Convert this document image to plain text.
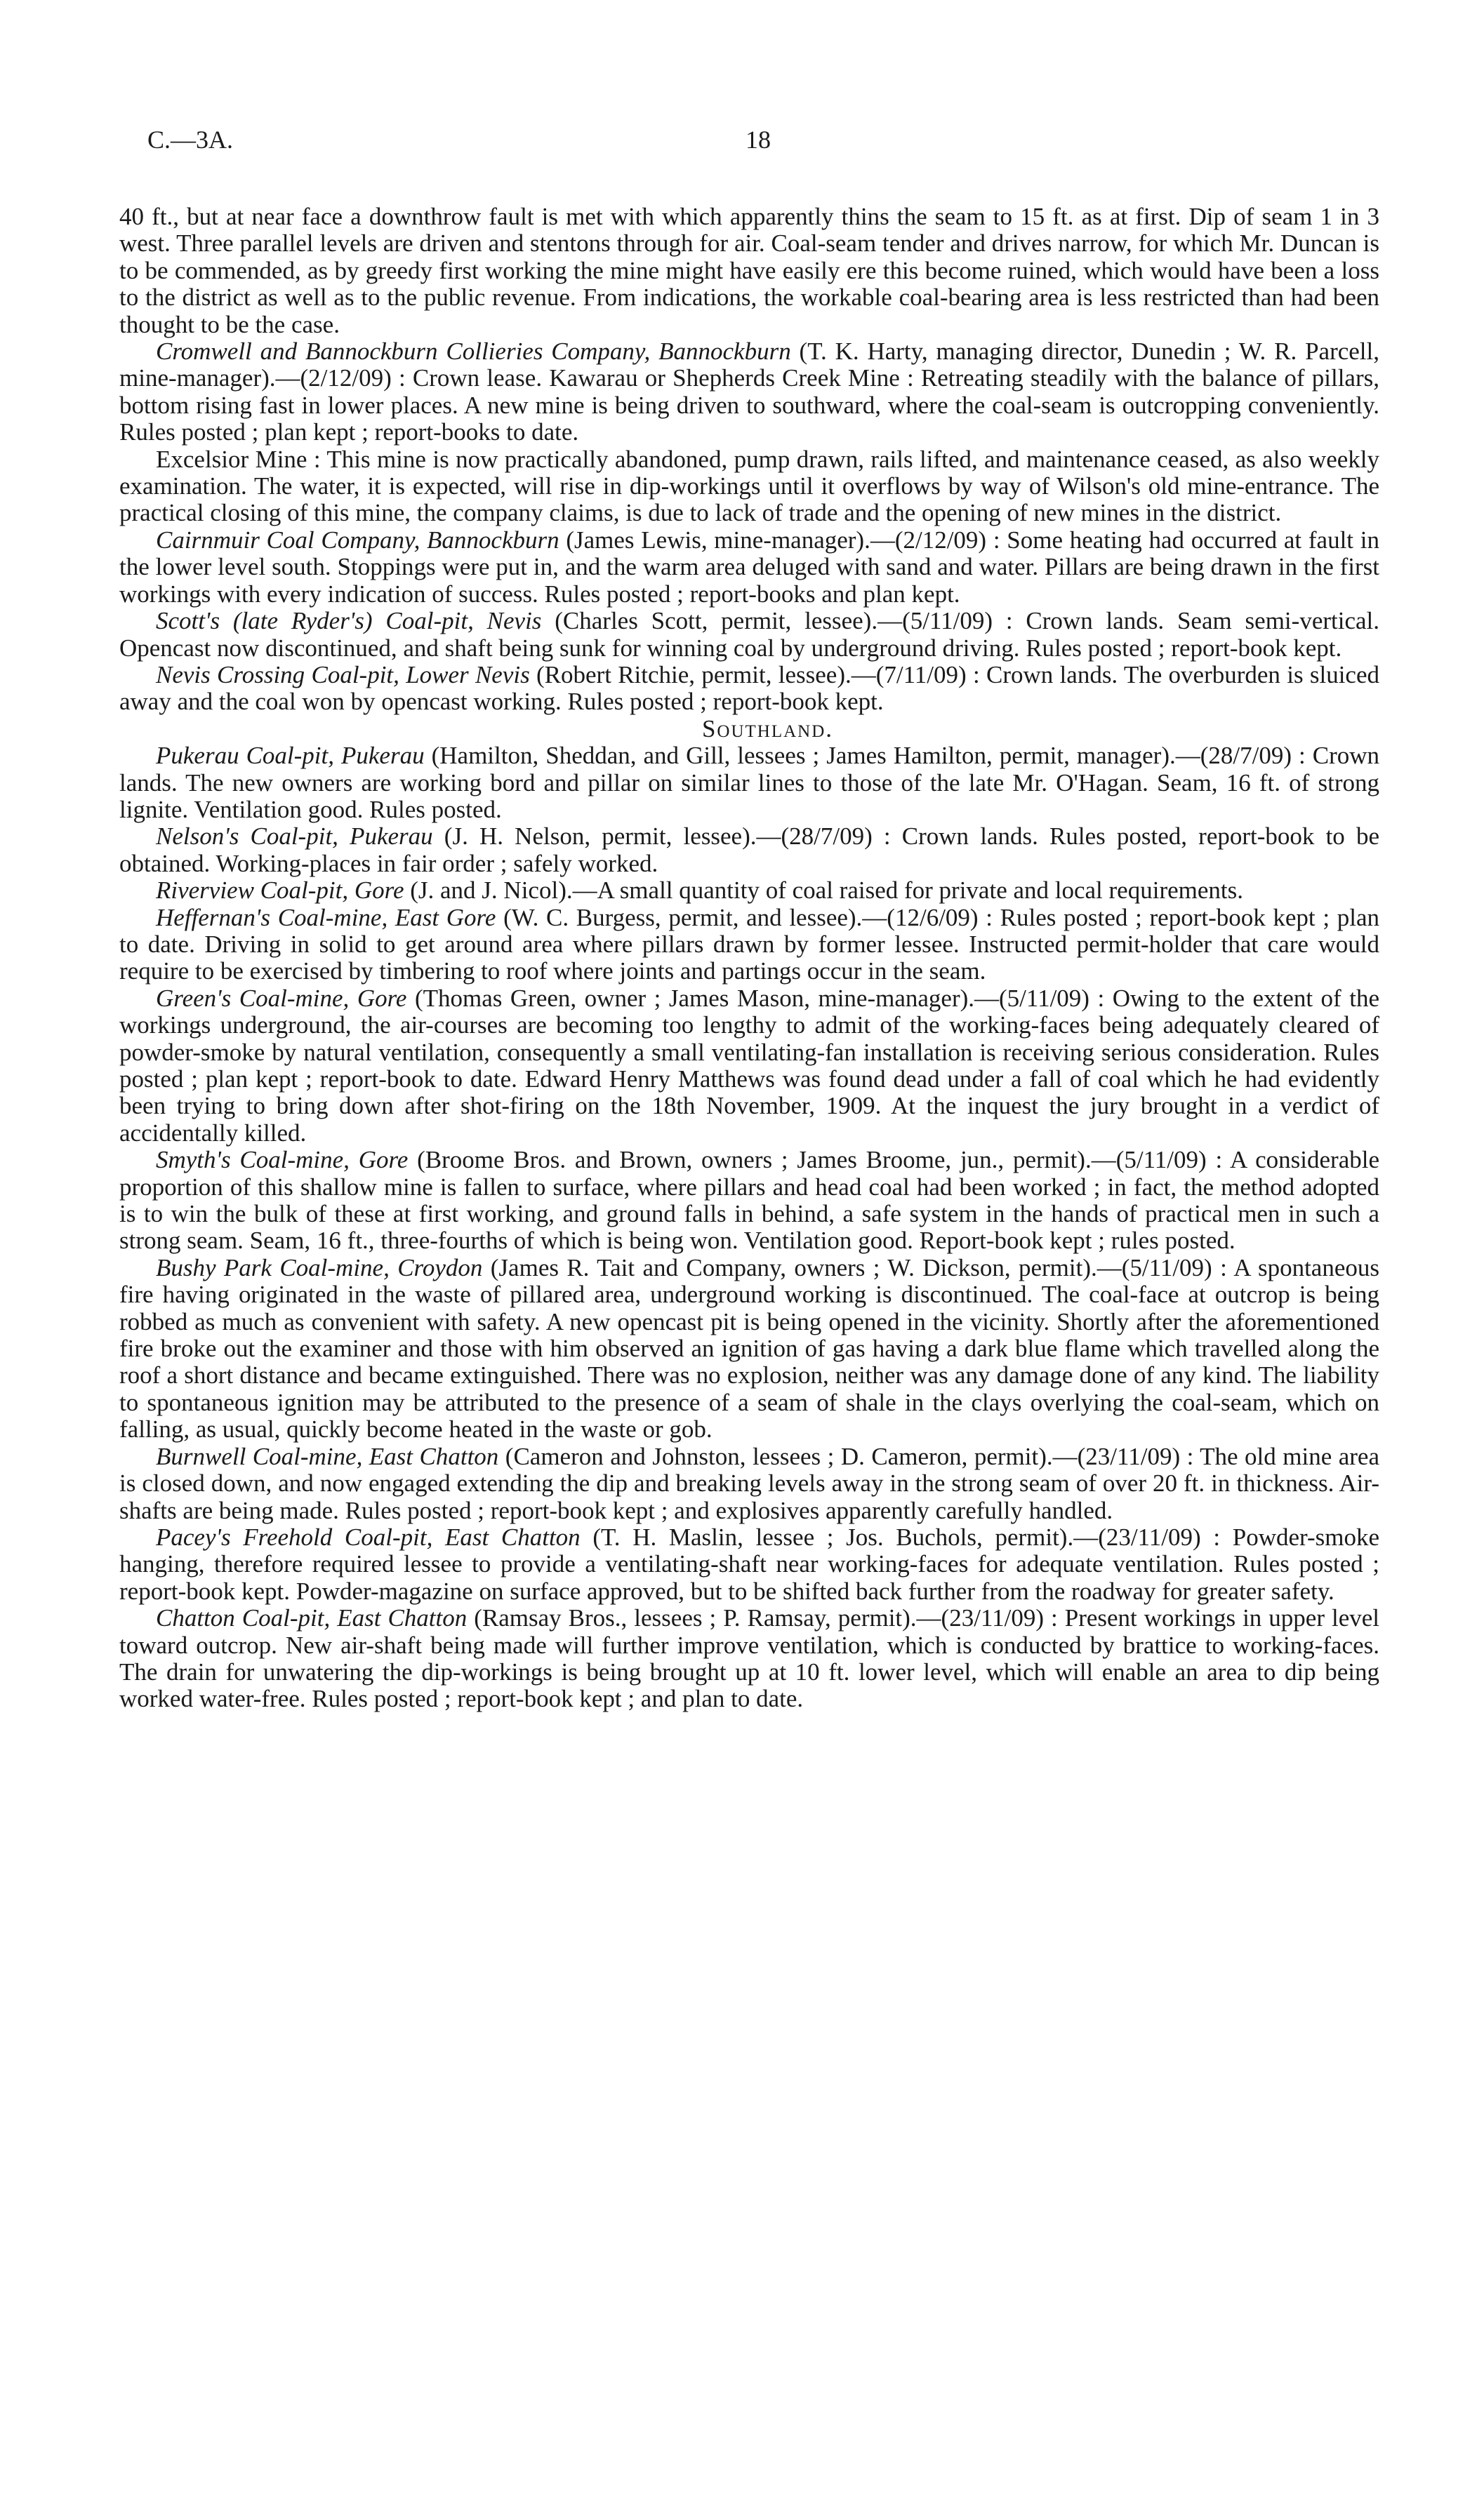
C.—3A.	18

40 ft., but at near face a downthrow fault is met with which apparently thins the seam to 15 ft. as at first. Dip of seam 1 in 3 west. Three parallel levels are driven and stentons through for air. Coal-seam tender and drives narrow, for which Mr. Duncan is to be commended, as by greedy first working the mine might have easily ere this become ruined, which would have been a loss to the district as well as to the public revenue. From indications, the workable coal-bearing area is less restricted than had been thought to be the case.

Cromwell and Bannockburn Collieries Company, Bannockburn (T. K. Harty, managing director, Dunedin ; W. R. Parcell, mine-manager).—(2/12/09) : Crown lease. Kawarau or Shepherds Creek Mine : Retreating steadily with the balance of pillars, bottom rising fast in lower places. A new mine is being driven to southward, where the coal-seam is outcropping conveniently. Rules posted ; plan kept ; report-books to date.

Excelsior Mine : This mine is now practically abandoned, pump drawn, rails lifted, and maintenance ceased, as also weekly examination. The water, it is expected, will rise in dip-workings until it overflows by way of Wilson's old mine-entrance. The practical closing of this mine, the company claims, is due to lack of trade and the opening of new mines in the district.

Cairnmuir Coal Company, Bannockburn (James Lewis, mine-manager).—(2/12/09) : Some heating had occurred at fault in the lower level south. Stoppings were put in, and the warm area deluged with sand and water. Pillars are being drawn in the first workings with every indication of success. Rules posted ; report-books and plan kept.

Scott's (late Ryder's) Coal-pit, Nevis (Charles Scott, permit, lessee).—(5/11/09) : Crown lands. Seam semi-vertical. Opencast now discontinued, and shaft being sunk for winning coal by underground driving. Rules posted ; report-book kept.

Nevis Crossing Coal-pit, Lower Nevis (Robert Ritchie, permit, lessee).—(7/11/09) : Crown lands. The overburden is sluiced away and the coal won by opencast working. Rules posted ; report-book kept.

Southland.

Pukerau Coal-pit, Pukerau (Hamilton, Sheddan, and Gill, lessees ; James Hamilton, permit, manager).—(28/7/09) : Crown lands. The new owners are working bord and pillar on similar lines to those of the late Mr. O'Hagan. Seam, 16 ft. of strong lignite. Ventilation good. Rules posted.

Nelson's Coal-pit, Pukerau (J. H. Nelson, permit, lessee).—(28/7/09) : Crown lands. Rules posted, report-book to be obtained. Working-places in fair order ; safely worked.

Riverview Coal-pit, Gore (J. and J. Nicol).—A small quantity of coal raised for private and local requirements.

Heffernan's Coal-mine, East Gore (W. C. Burgess, permit, and lessee).—(12/6/09) : Rules posted ; report-book kept ; plan to date. Driving in solid to get around area where pillars drawn by former lessee. Instructed permit-holder that care would require to be exercised by timbering to roof where joints and partings occur in the seam.

Green's Coal-mine, Gore (Thomas Green, owner ; James Mason, mine-manager).—(5/11/09) : Owing to the extent of the workings underground, the air-courses are becoming too lengthy to admit of the working-faces being adequately cleared of powder-smoke by natural ventilation, consequently a small ventilating-fan installation is receiving serious consideration. Rules posted ; plan kept ; report-book to date. Edward Henry Matthews was found dead under a fall of coal which he had evidently been trying to bring down after shot-firing on the 18th November, 1909. At the inquest the jury brought in a verdict of accidentally killed.

Smyth's Coal-mine, Gore (Broome Bros. and Brown, owners ; James Broome, jun., permit).—(5/11/09) : A considerable proportion of this shallow mine is fallen to surface, where pillars and head coal had been worked ; in fact, the method adopted is to win the bulk of these at first working, and ground falls in behind, a safe system in the hands of practical men in such a strong seam. Seam, 16 ft., three-fourths of which is being won. Ventilation good. Report-book kept ; rules posted.

Bushy Park Coal-mine, Croydon (James R. Tait and Company, owners ; W. Dickson, permit).—(5/11/09) : A spontaneous fire having originated in the waste of pillared area, underground working is discontinued. The coal-face at outcrop is being robbed as much as convenient with safety. A new opencast pit is being opened in the vicinity. Shortly after the aforementioned fire broke out the examiner and those with him observed an ignition of gas having a dark blue flame which travelled along the roof a short distance and became extinguished. There was no explosion, neither was any damage done of any kind. The liability to spontaneous ignition may be attributed to the presence of a seam of shale in the clays overlying the coal-seam, which on falling, as usual, quickly become heated in the waste or gob.

Burnwell Coal-mine, East Chatton (Cameron and Johnston, lessees ; D. Cameron, permit).—(23/11/09) : The old mine area is closed down, and now engaged extending the dip and breaking levels away in the strong seam of over 20 ft. in thickness. Air-shafts are being made. Rules posted ; report-book kept ; and explosives apparently carefully handled.

Pacey's Freehold Coal-pit, East Chatton (T. H. Maslin, lessee ; Jos. Buchols, permit).—(23/11/09) : Powder-smoke hanging, therefore required lessee to provide a ventilating-shaft near working-faces for adequate ventilation. Rules posted ; report-book kept. Powder-magazine on surface approved, but to be shifted back further from the roadway for greater safety.

Chatton Coal-pit, East Chatton (Ramsay Bros., lessees ; P. Ramsay, permit).—(23/11/09) : Present workings in upper level toward outcrop. New air-shaft being made will further improve ventilation, which is conducted by brattice to working-faces. The drain for unwatering the dip-workings is being brought up at 10 ft. lower level, which will enable an area to dip being worked water-free. Rules posted ; report-book kept ; and plan to date.
